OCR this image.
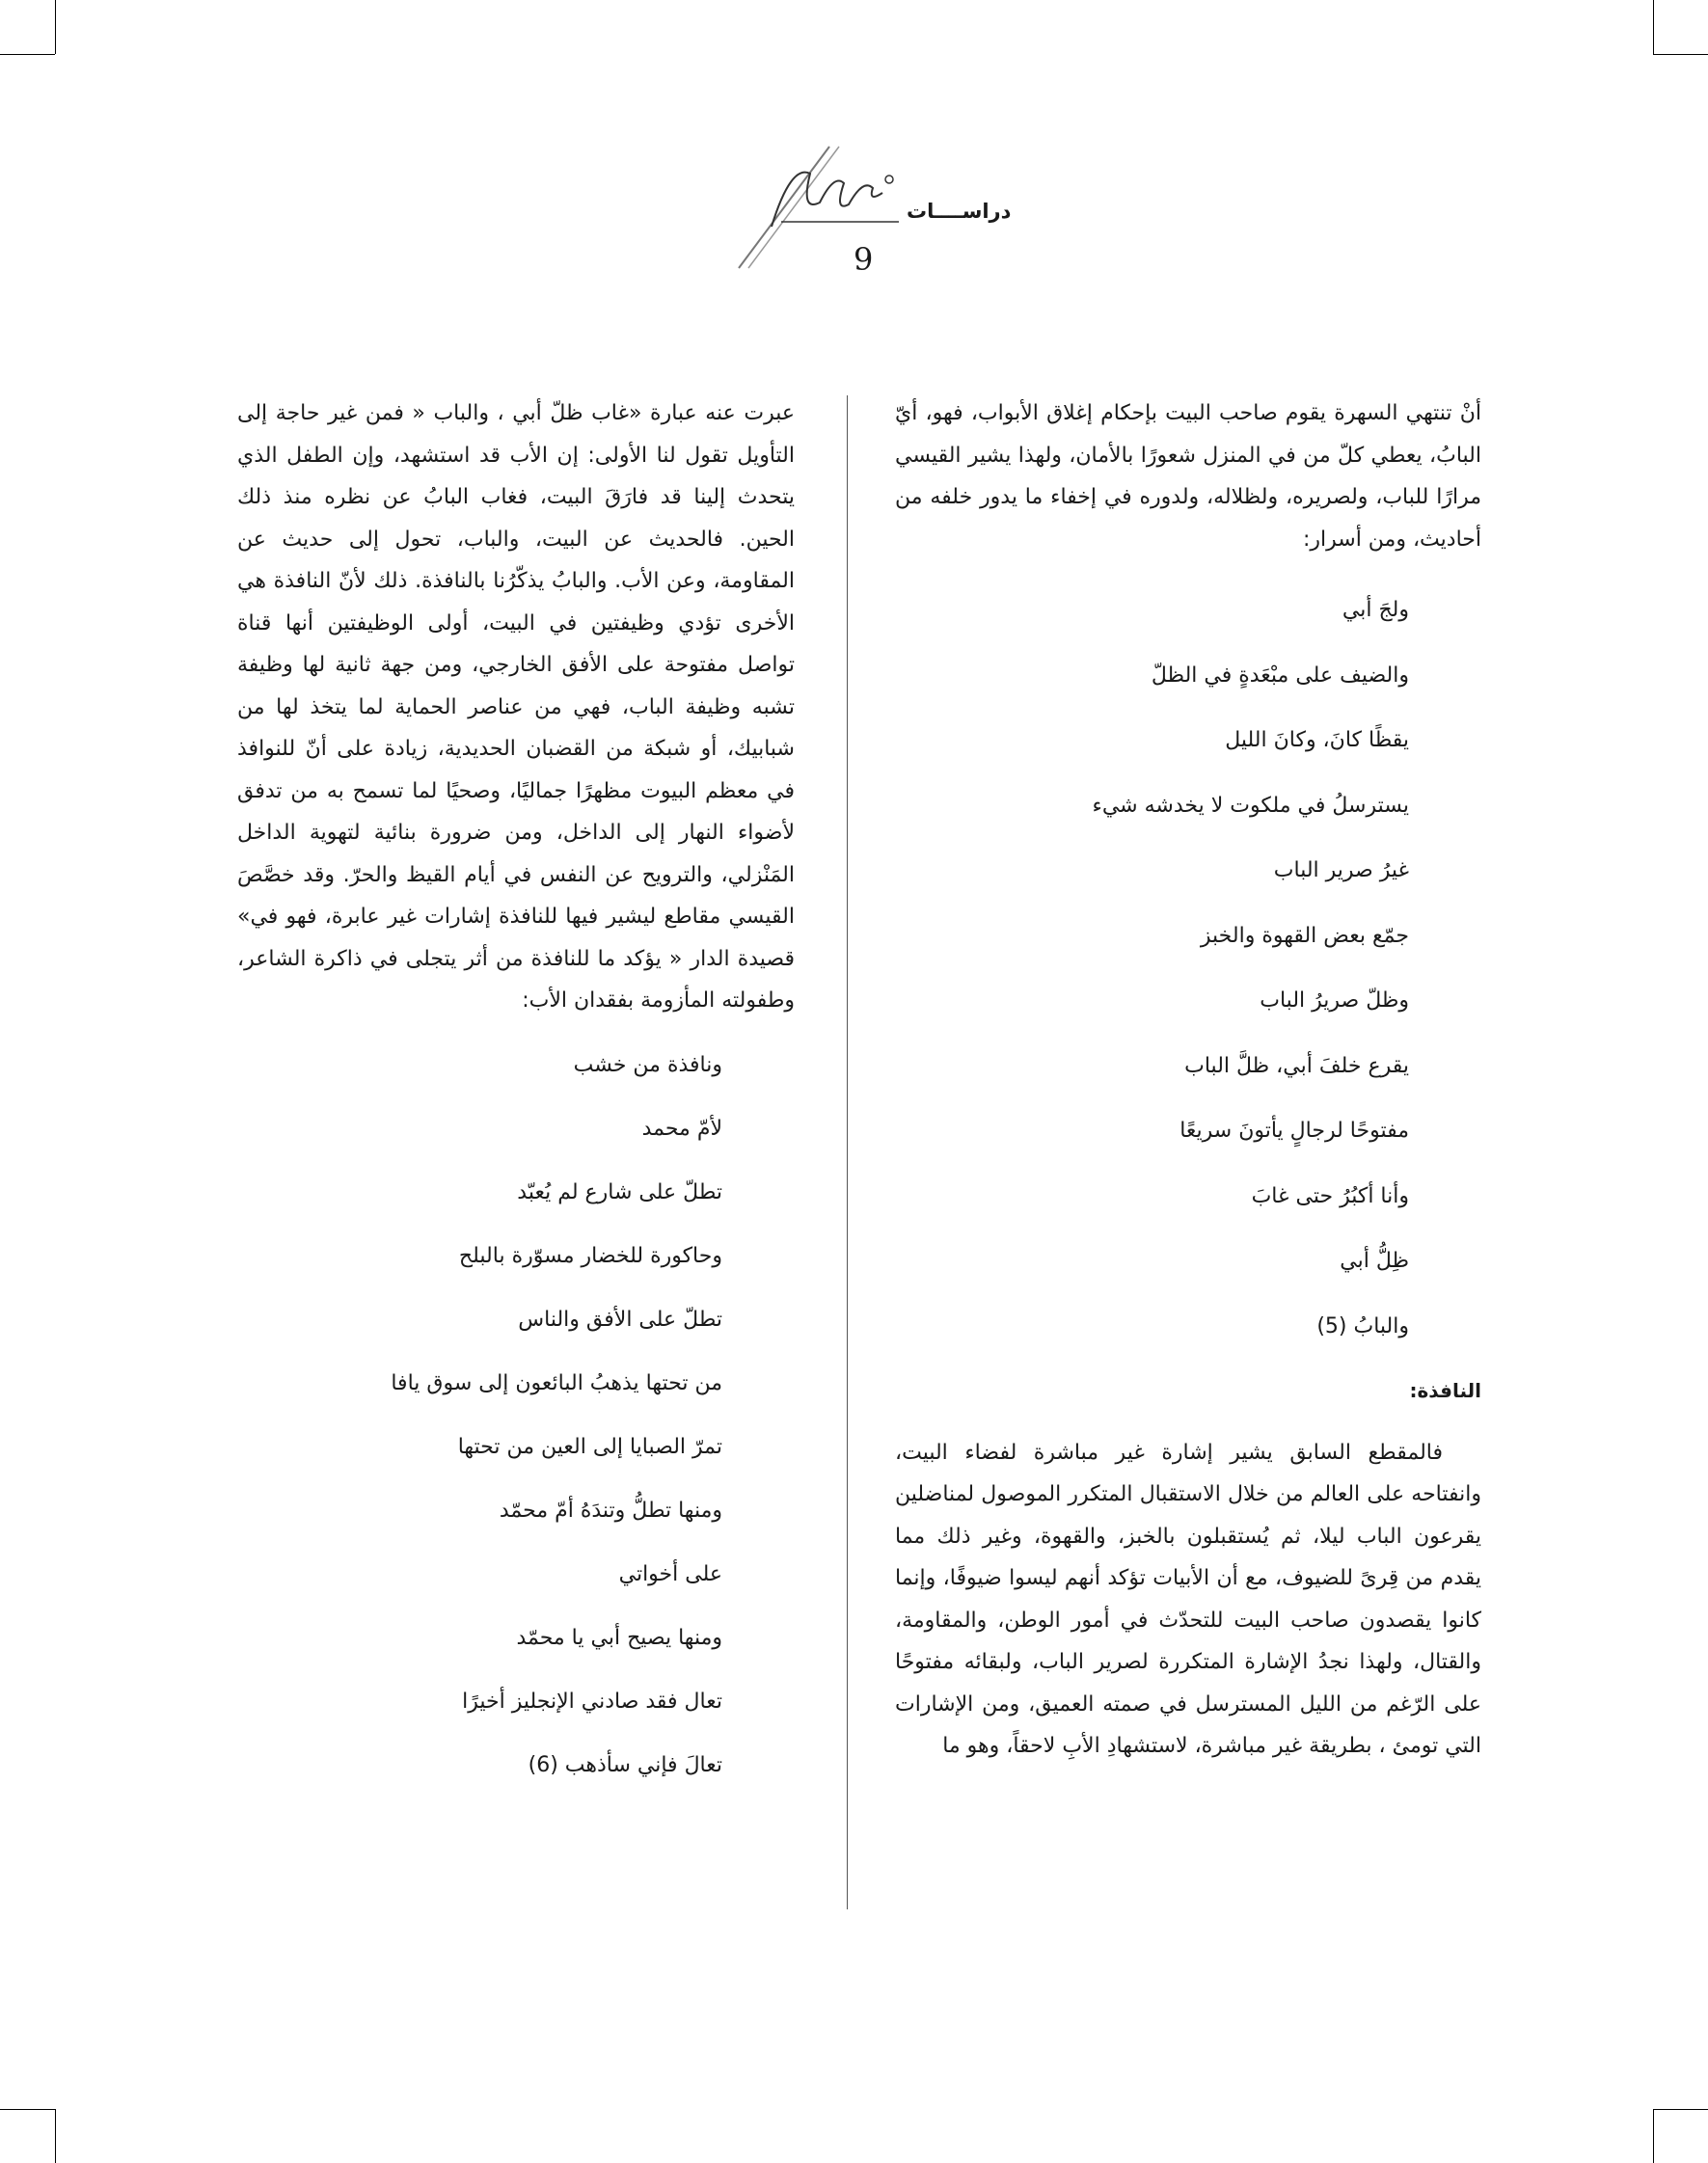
دراســــات
9

أنْ تنتهي السهرة يقوم صاحب البيت بإحكام إغلاق الأبواب، فهو، أيّ البابُ، يعطي كلّ من في المنزل شعورًا بالأمان، ولهذا يشير القيسي مرارًا للباب، ولصريره، ولظلاله، ولدوره في إخفاء ما يدور خلفه من أحاديث، ومن أسرار:

ولجَ أبي
والضيف على مبْعَدةٍ في الظلّ
يقظًا كانَ، وكانَ الليل
يسترسلُ في ملكوت لا يخدشه شيء
غيرُ صرير الباب
جمّع بعض القهوة والخبز
وظلّ صريرُ الباب
يقرع خلفَ أبي، ظلَّ الباب
مفتوحًا لرجالٍ يأتونَ سريعًا
وأنا أكبُرُ حتى غابَ
ظِلُّ أبي
والبابُ (5)
النافذة:

فالمقطع السابق يشير إشارة غير مباشرة لفضاء البيت، وانفتاحه على العالم من خلال الاستقبال المتكرر الموصول لمناضلين يقرعون الباب ليلا، ثم يُستقبلون بالخبز، والقهوة، وغير ذلك مما يقدم من قِرىً للضيوف، مع أن الأبيات تؤكد أنهم ليسوا ضيوفًا، وإنما كانوا يقصدون صاحب البيت للتحدّث في أمور الوطن، والمقاومة، والقتال، ولهذا نجدُ الإشارة المتكررة لصرير الباب، ولبقائه مفتوحًا على الرّغم من الليل المسترسل في صمته العميق، ومن الإشارات التي تومئ ، بطريقة غير مباشرة، لاستشهادِ الأبِ لاحقاً، وهو ما

عبرت عنه عبارة «غاب ظلّ أبي ، والباب « فمن غير حاجة إلى التأويل تقول لنا الأولى: إن الأب قد استشهد، وإن الطفل الذي يتحدث إلينا قد فارَقَ البيت، فغاب البابُ عن نظره منذ ذلك الحين. فالحديث عن البيت، والباب، تحول إلى حديث عن المقاومة، وعن الأب. والبابُ يذكّرُنا بالنافذة. ذلك لأنّ النافذة هي الأخرى تؤدي وظيفتين في البيت، أولى الوظيفتين أنها قناة تواصل مفتوحة على الأفق الخارجي، ومن جهة ثانية لها وظيفة تشبه وظيفة الباب، فهي من عناصر الحماية لما يتخذ لها من شبابيك، أو شبكة من القضبان الحديدية، زيادة على أنّ للنوافذ في معظم البيوت مظهرًا جماليًا، وصحيًا لما تسمح به من تدفق لأضواء النهار إلى الداخل، ومن ضرورة بنائية لتهوية الداخل المَنْزلي، والترويح عن النفس في أيام القيظ والحرّ. وقد خصَّصَ القيسي مقاطع ليشير فيها للنافذة إشارات غير عابرة، فهو في» قصيدة الدار « يؤكد ما للنافذة من أثر يتجلى في ذاكرة الشاعر، وطفولته المأزومة بفقدان الأب:

ونافذة من خشب
لأمّ محمد
تطلّ على شارع لم يُعبّد
وحاكورة للخضار مسوّرة بالبلح
تطلّ على الأفق والناس
من تحتها يذهبُ البائعون إلى سوق يافا
تمرّ الصبايا إلى العين من تحتها
ومنها تطلُّ وتندَهُ أمّ محمّد
على أخواتي
ومنها يصيح أبي يا محمّد
تعال فقد صادني الإنجليز أخيرًا
تعالَ فإني سأذهب (6)
